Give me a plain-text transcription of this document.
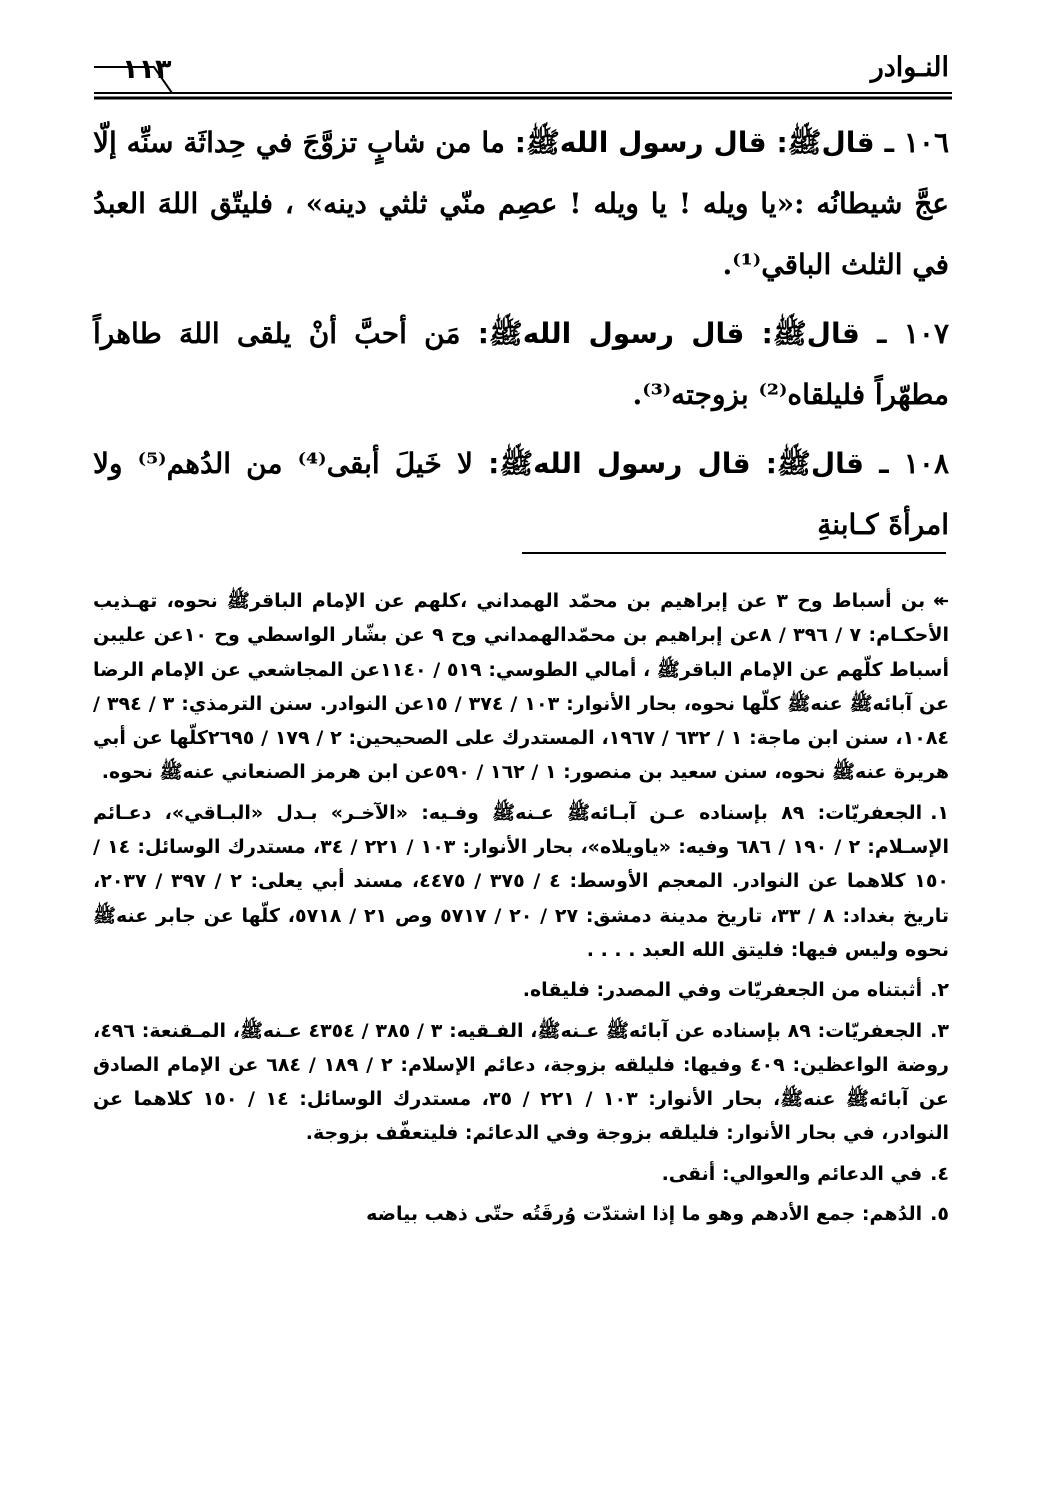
النـوادر
١١٣

١٠٦ ـ قالﷺ: قال رسول اللهﷺ: ما من شابٍ تزوَّجَ في حِداثَة سنِّه إلّا عجَّ شيطانُه :«يا ويله ! يا ويله ! عصِم منّي ثلثي دينه» ، فليتّق اللهَ العبدُ في الثلث الباقي⁽¹⁾.

١٠٧ ـ قالﷺ: قال رسول اللهﷺ: مَن أحبَّ أنْ يلقى اللهَ طاهراً مطهّراً فليلقاه⁽²⁾ بزوجته⁽³⁾.

١٠٨ ـ قالﷺ: قال رسول اللهﷺ: لا خَيلَ أبقى⁽⁴⁾ من الدُهم⁽⁵⁾ ولا امرأةَ كـابنةِ

↞بن أسباط وح ٣ عن إبراهيم بن محمّد الهمداني ،كلهم عن الإمام الباقرﷺ نحوه، تهـذيب الأحكـام: ٧ / ٣٩٦ / ٨عن إبراهيم بن محمّدالهمداني وح ٩ عن بشّار الواسطي وح ١٠عن عليبن أسباط كلّهم عن الإمام الباقرﷺ ، أمالي الطوسي: ٥١٩ / ١١٤٠عن المجاشعي عن الإمام الرضا عن آبائهﷺ عنهﷺ كلّها نحوه، بحار الأنوار: ١٠٣ / ٣٧٤ / ١٥عن النوادر. سنن الترمذي: ٣ / ٣٩٤ / ١٠٨٤، سنن ابن ماجة: ١ / ٦٣٢ / ١٩٦٧، المستدرك على الصحيحين: ٢ / ١٧٩ / ٢٦٩٥كلّها عن أبي هريرة عنهﷺ نحوه، سنن سعيد بن منصور: ١ / ١٦٢ / ٥٩٠عن ابن هرمز الصنعاني عنهﷺ نحوه.
١.الجعفريّات: ٨٩ بإسناده عـن آبـائهﷺ عـنهﷺ وفـيه: «الآخـر» بـدل «البـاقي»، دعـائم الإسـلام: ٢ / ١٩٠ / ٦٨٦ وفيه: «ياويلاه»، بحار الأنوار: ١٠٣ / ٢٢١ / ٣٤، مستدرك الوسائل: ١٤ / ١٥٠ كلاهما عن النوادر. المعجم الأوسط: ٤ / ٣٧٥ / ٤٤٧٥، مسند أبي يعلى: ٢ / ٣٩٧ / ٢٠٣٧، تاريخ بغداد: ٨ / ٣٣، تاريخ مدينة دمشق: ٢٧ / ٢٠ / ٥٧١٧ وص ٢١ / ٥٧١٨، كلّها عن جابر عنهﷺ نحوه وليس فيها: فليتق الله العبد . . . .
٢.أثبتناه من الجعفريّات وفي المصدر: فليقاه.
٣.الجعفريّات: ٨٩ بإسناده عن آبائهﷺ عـنهﷺ، الفـقيه: ٣ / ٣٨٥ / ٤٣٥٤ عـنهﷺ، المـقنعة: ٤٩٦، روضة الواعظين: ٤٠٩ وفيها: فليلقه بزوجة، دعائم الإسلام: ٢ / ١٨٩ / ٦٨٤ عن الإمام الصادق عن آبائهﷺ عنهﷺ، بحار الأنوار: ١٠٣ / ٢٢١ / ٣٥، مستدرك الوسائل: ١٤ / ١٥٠ كلاهما عن النوادر، في بحار الأنوار: فليلقه بزوجة وفي الدعائم: فليتعفّف بزوجة.
٤.في الدعائم والعوالي: أنقى.
٥.الدُهم: جمع الأدهم وهو ما إذا اشتدّت وُرقَتُه حتّى ذهب بياضه
